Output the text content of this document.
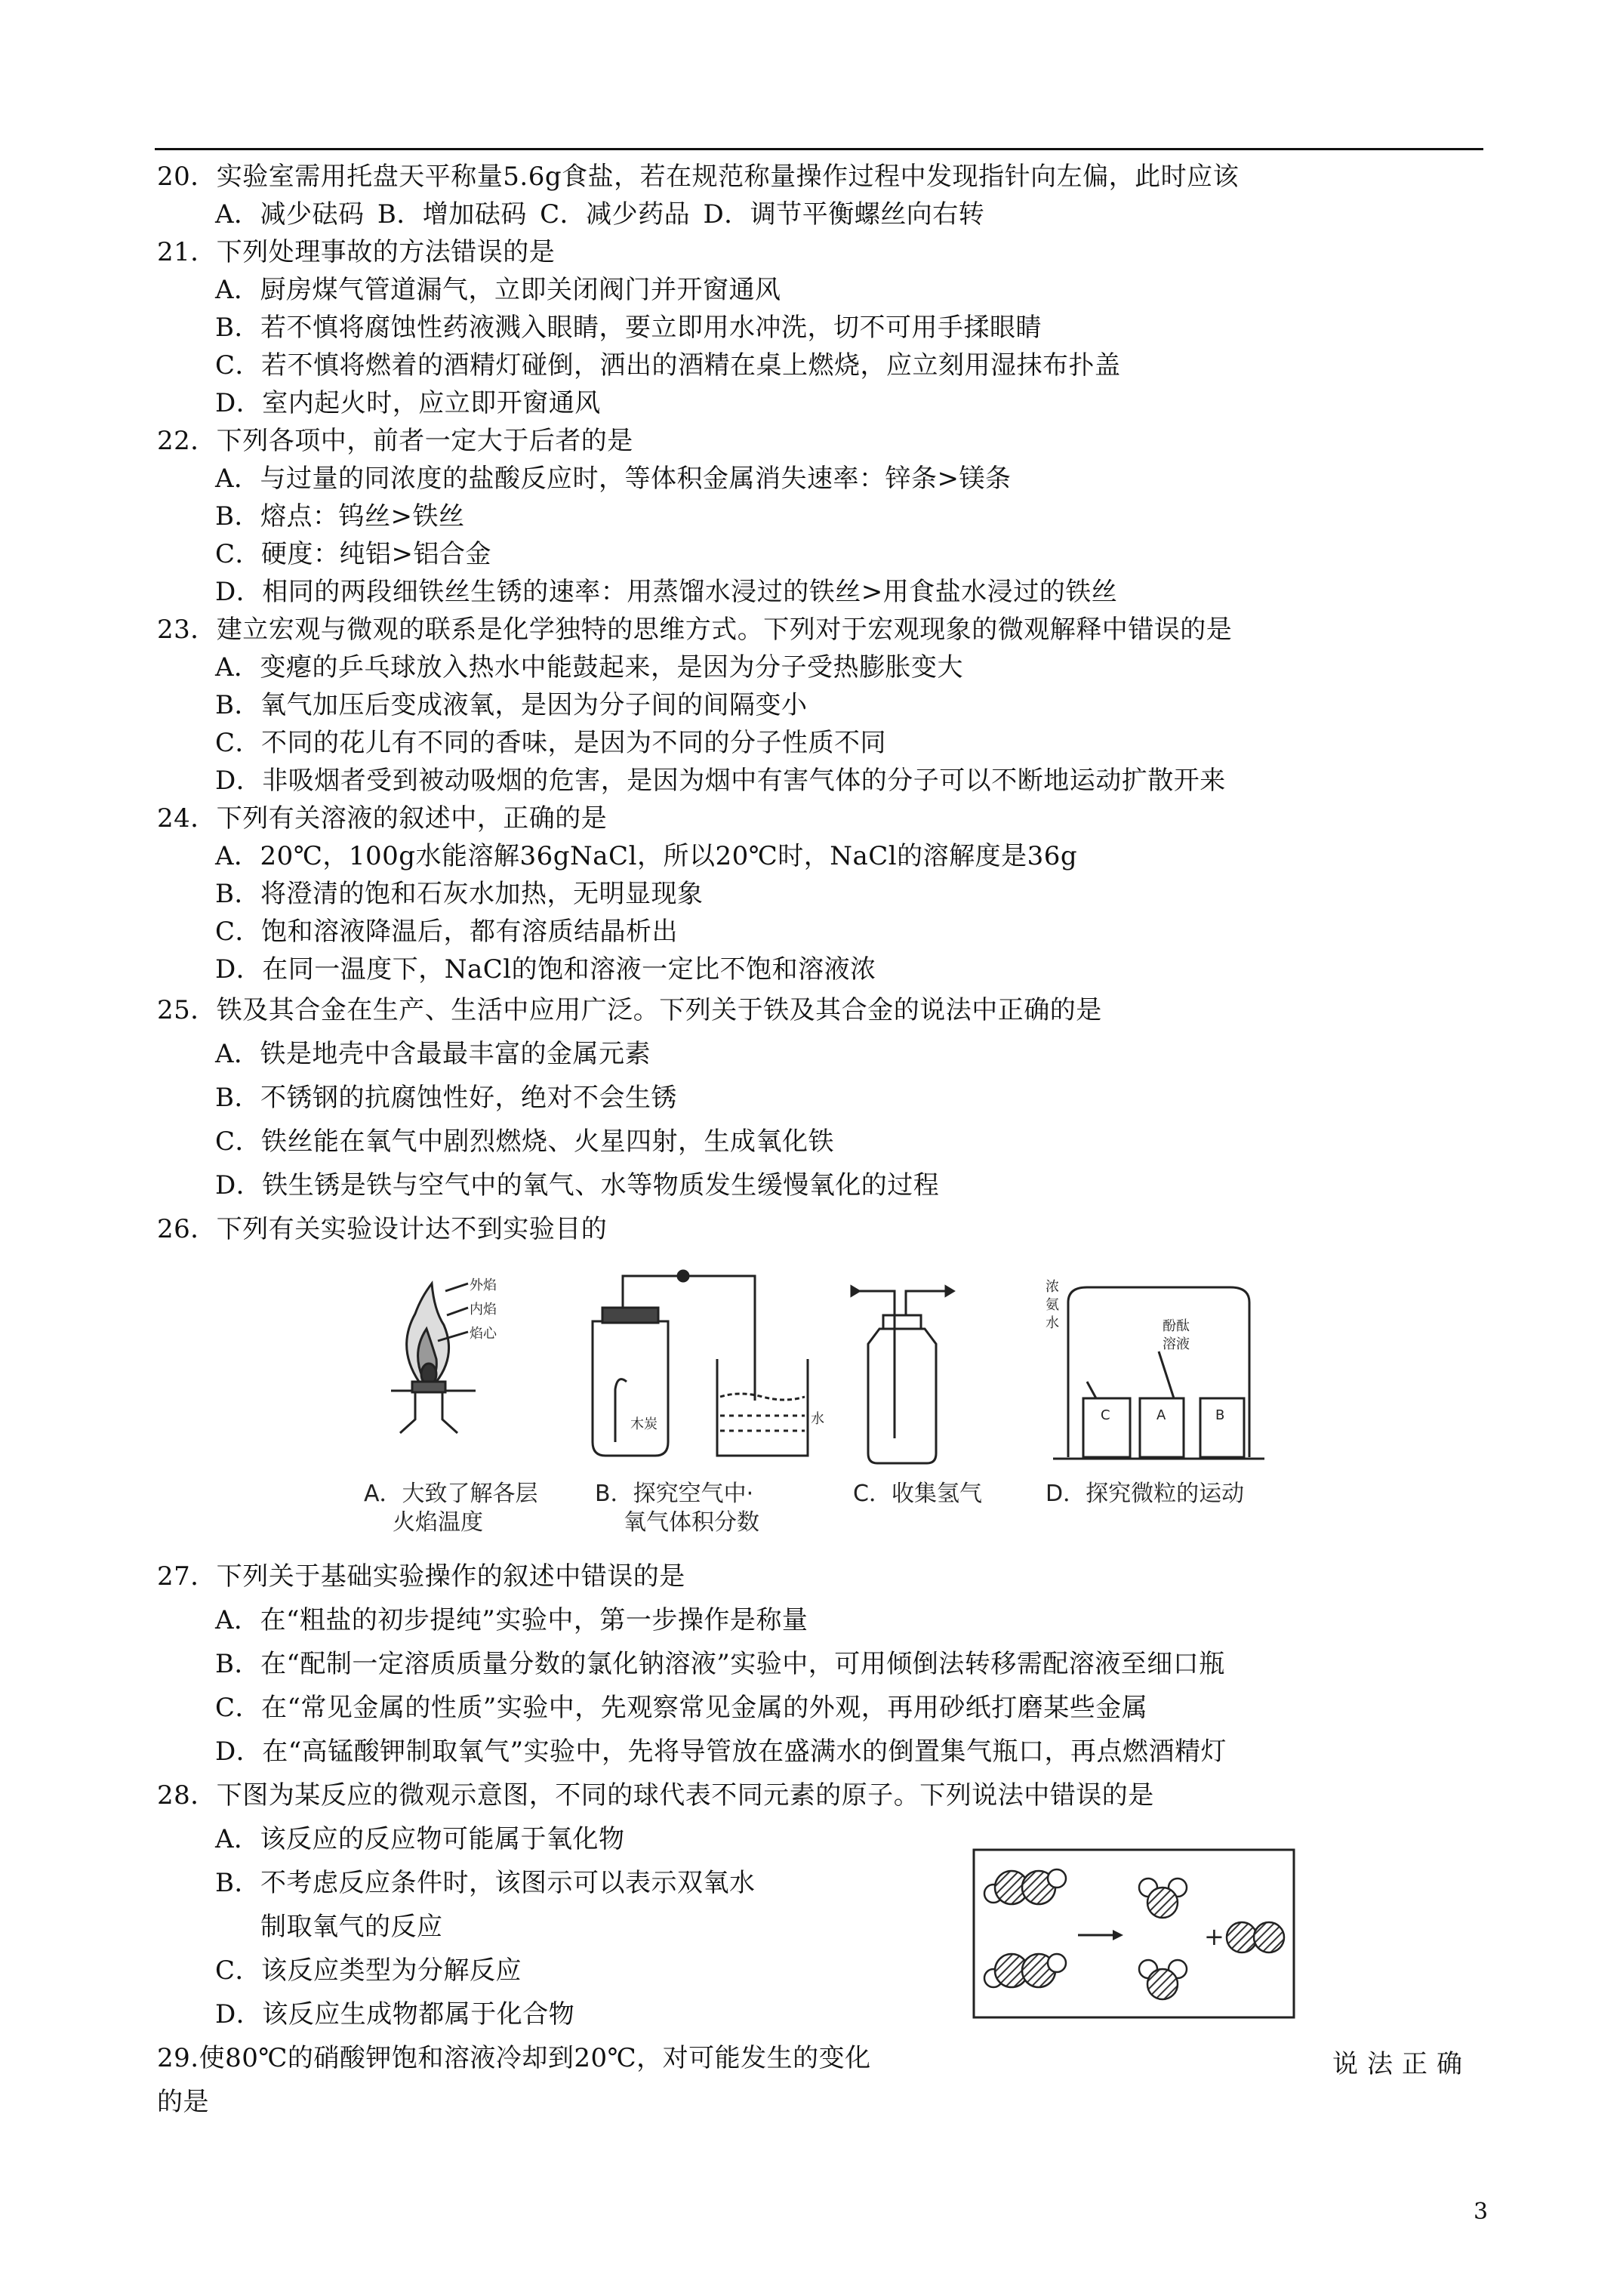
20．实验室需用托盘天平称量5.6g食盐，若在规范称量操作过程中发现指针向左偏，此时应该
A．减少砝码 B．增加砝码 C．减少药品 D．调节平衡螺丝向右转
21．下列处理事故的方法错误的是
A．厨房煤气管道漏气，立即关闭阀门并开窗通风
B．若不慎将腐蚀性药液溅入眼睛，要立即用水冲洗，切不可用手揉眼睛
C．若不慎将燃着的酒精灯碰倒，洒出的酒精在桌上燃烧，应立刻用湿抹布扑盖
D．室内起火时，应立即开窗通风
22．下列各项中，前者一定大于后者的是
A．与过量的同浓度的盐酸反应时，等体积金属消失速率：锌条>镁条
B．熔点：钨丝>铁丝
C．硬度：纯铝>铝合金
D．相同的两段细铁丝生锈的速率：用蒸馏水浸过的铁丝>用食盐水浸过的铁丝
23．建立宏观与微观的联系是化学独特的思维方式。下列对于宏观现象的微观解释中错误的是
A．变瘪的乒乓球放入热水中能鼓起来，是因为分子受热膨胀变大
B．氧气加压后变成液氧，是因为分子间的间隔变小
C．不同的花儿有不同的香味，是因为不同的分子性质不同
D．非吸烟者受到被动吸烟的危害，是因为烟中有害气体的分子可以不断地运动扩散开来
24．下列有关溶液的叙述中，正确的是
A．20℃，100g水能溶解36gNaCl，所以20℃时，NaCl的溶解度是36g
B．将澄清的饱和石灰水加热，无明显现象
C．饱和溶液降温后，都有溶质结晶析出
D．在同一温度下，NaCl的饱和溶液一定比不饱和溶液浓
25．铁及其合金在生产、生活中应用广泛。下列关于铁及其合金的说法中正确的是
A．铁是地壳中含最最丰富的金属元素
B．不锈钢的抗腐蚀性好，绝对不会生锈
C．铁丝能在氧气中剧烈燃烧、火星四射，生成氧化铁
D．铁生锈是铁与空气中的氧气、水等物质发生缓慢氧化的过程
26．下列有关实验设计达不到实验目的
外焰
内焰
焰心
木炭	水
浓
氨
水	酚酞
溶液
C	A	B
A．大致了解各层
火焰温度
B．探究空气中·
氧气体积分数
C．收集氢气	D．探究微粒的运动
27．下列关于基础实验操作的叙述中错误的是
A．在“粗盐的初步提纯”实验中，第一步操作是称量
B．在“配制一定溶质质量分数的氯化钠溶液”实验中，可用倾倒法转移需配溶液至细口瓶
C．在“常见金属的性质”实验中，先观察常见金属的外观，再用砂纸打磨某些金属
D．在“高锰酸钾制取氧气”实验中，先将导管放在盛满水的倒置集气瓶口，再点燃酒精灯
28．下图为某反应的微观示意图，不同的球代表不同元素的原子。下列说法中错误的是
A．该反应的反应物可能属于氧化物
B．不考虑反应条件时，该图示可以表示双氧水
制取氧气的反应
C．该反应类型为分解反应
D．该反应生成物都属于化合物
+
29.使80℃的硝酸钾饱和溶液冷却到20℃，对可能发生的变化	说法正确
的是
3
